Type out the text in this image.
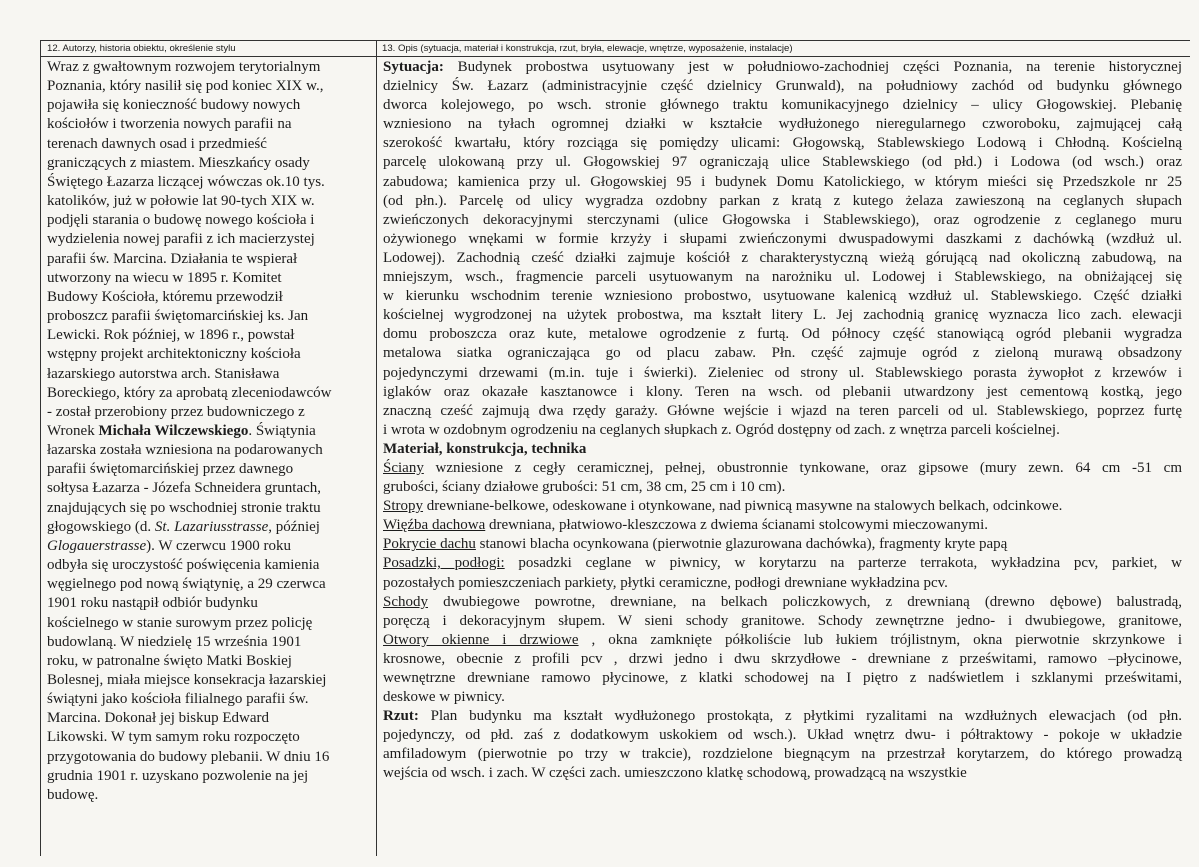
12. Autorzy, historia obiektu, określenie stylu
Wraz z gwałtownym rozwojem terytorialnym
Poznania, który nasilił się pod koniec XIX w.,
pojawiła się konieczność budowy nowych
kościołów i tworzenia nowych parafii na
terenach dawnych osad i przedmieść
graniczących z miastem. Mieszkańcy osady
Świętego Łazarza liczącej wówczas ok.10 tys.
katolików, już w połowie lat 90-tych XIX w.
podjęli starania o budowę nowego kościoła i
wydzielenia nowej parafii z ich macierzystej
parafii św. Marcina. Działania te wspierał
utworzony na wiecu w 1895 r. Komitet
Budowy Kościoła, któremu przewodził
proboszcz parafii świętomarcińskiej ks. Jan
Lewicki. Rok później, w 1896 r., powstał
wstępny projekt architektoniczny kościoła
łazarskiego autorstwa arch. Stanisława
Boreckiego, który za aprobatą zleceniodawców
- został przerobiony przez budowniczego z
Wronek Michała Wilczewskiego. Świątynia
łazarska została wzniesiona na podarowanych
parafii świętomarcińskiej przez dawnego
sołtysa Łazarza - Józefa Schneidera gruntach,
znajdujących się po wschodniej stronie traktu
głogowskiego (d. St. Lazariusstrasse, później
Glogauerstrasse). W czerwcu 1900 roku
odbyła się uroczystość poświęcenia kamienia
węgielnego pod nową świątynię, a 29 czerwca
1901 roku nastąpił odbiór budynku
kościelnego w stanie surowym przez policję
budowlaną. W niedzielę 15 września 1901
roku, w patronalne święto Matki Boskiej
Bolesnej, miała miejsce konsekracja łazarskiej
świątyni jako kościoła filialnego parafii św.
Marcina. Dokonał jej biskup Edward
Likowski. W tym samym roku rozpoczęto
przygotowania do budowy plebanii. W dniu 16
grudnia 1901 r. uzyskano pozwolenie na jej
budowę.
13. Opis (sytuacja, materiał i konstrukcja, rzut, bryła, elewacje, wnętrze, wyposażenie, instalacje)
Sytuacja: Budynek probostwa usytuowany jest w południowo-zachodniej części Poznania, na terenie historycznej
dzielnicy Św. Łazarz (administracyjnie część dzielnicy Grunwald), na południowy zachód od budynku głównego
dworca kolejowego, po wsch. stronie głównego traktu komunikacyjnego dzielnicy – ulicy Głogowskiej. Plebanię
wzniesiono na tyłach ogromnej działki w kształcie wydłużonego nieregularnego czworoboku, zajmującej całą
szerokość kwartału, który rozciąga się pomiędzy ulicami: Głogowską, Stablewskiego Lodową i Chłodną. Kościelną
parcelę ulokowaną przy ul. Głogowskiej 97 ograniczają ulice Stablewskiego (od płd.) i Lodowa (od wsch.) oraz
zabudowa; kamienica przy ul. Głogowskiej 95 i budynek Domu Katolickiego, w którym mieści się Przedszkole nr 25
(od płn.). Parcelę od ulicy wygradza ozdobny parkan z kratą z kutego żelaza zawieszoną na ceglanych słupach
zwieńczonych dekoracyjnymi sterczynami (ulice Głogowska i Stablewskiego), oraz ogrodzenie z ceglanego muru
ożywionego wnękami w formie krzyży i słupami zwieńczonymi dwuspadowymi daszkami z dachówką (wzdłuż ul.
Lodowej). Zachodnią cześć działki zajmuje kościół z charakterystyczną wieżą górującą nad okoliczną zabudową, na
mniejszym, wsch., fragmencie parceli usytuowanym na narożniku ul. Lodowej i Stablewskiego, na obniżającej się
w kierunku wschodnim terenie wzniesiono probostwo, usytuowane kalenicą wzdłuż ul. Stablewskiego. Część działki
kościelnej wygrodzonej na użytek probostwa, ma kształt litery L. Jej zachodnią granicę wyznacza lico zach. elewacji
domu proboszcza oraz kute, metalowe ogrodzenie z furtą. Od północy część stanowiącą ogród plebanii wygradza
metalowa siatka ograniczająca go od placu zabaw. Płn. część zajmuje ogród z zieloną murawą obsadzony
pojedynczymi drzewami (m.in. tuje i świerki). Zieleniec od strony ul. Stablewskiego porasta żywopłot z krzewów i
iglaków oraz okazałe kasztanowce i klony. Teren na wsch. od plebanii utwardzony jest cementową kostką, jego
znaczną cześć zajmują dwa rzędy garaży. Główne wejście i wjazd na teren parceli od ul. Stablewskiego, poprzez furtę
i wrota w ozdobnym ogrodzeniu na ceglanych słupkach z. Ogród dostępny od zach. z wnętrza parceli kościelnej.
Materiał, konstrukcja, technika
Ściany wzniesione z cegły ceramicznej, pełnej, obustronnie tynkowane, oraz gipsowe (mury zewn. 64 cm -51 cm
grubości, ściany działowe grubości: 51 cm, 38 cm, 25 cm i 10 cm).
Stropy drewniane-belkowe, odeskowane i otynkowane, nad piwnicą masywne na stalowych belkach, odcinkowe.
Więźba dachowa drewniana, płatwiowo-kleszczowa z dwiema ścianami stolcowymi mieczowanymi.
Pokrycie dachu stanowi blacha ocynkowana (pierwotnie glazurowana dachówka), fragmenty kryte papą
Posadzki, podłogi: posadzki ceglane w piwnicy, w korytarzu na parterze terrakota, wykładzina pcv, parkiet, w
pozostałych pomieszczeniach parkiety, płytki ceramiczne, podłogi drewniane wykładzina pcv.
Schody dwubiegowe powrotne, drewniane, na belkach policzkowych, z drewnianą (drewno dębowe) balustradą,
poręczą i dekoracyjnym słupem. W sieni schody granitowe. Schody zewnętrzne jedno- i dwubiegowe, granitowe,
Otwory okienne i drzwiowe , okna zamknięte półkoliście lub łukiem trójlistnym, okna pierwotnie skrzynkowe i
krosnowe, obecnie z profili pcv , drzwi jedno i dwu skrzydłowe - drewniane z prześwitami, ramowo –płycinowe,
wewnętrzne drewniane ramowo płycinowe, z klatki schodowej na I piętro z nadświetlem i szklanymi prześwitami,
deskowe w piwnicy.
Rzut: Plan budynku ma kształt wydłużonego prostokąta, z płytkimi ryzalitami na wzdłużnych elewacjach (od płn.
pojedynczy, od płd. zaś z dodatkowym uskokiem od wsch.). Układ wnętrz dwu- i półtraktowy - pokoje w układzie
amfiladowym (pierwotnie po trzy w trakcie), rozdzielone biegnącym na przestrzał korytarzem, do którego prowadzą
wejścia od wsch. i zach. W części zach. umieszczono klatkę schodową, prowadzącą na wszystkie
